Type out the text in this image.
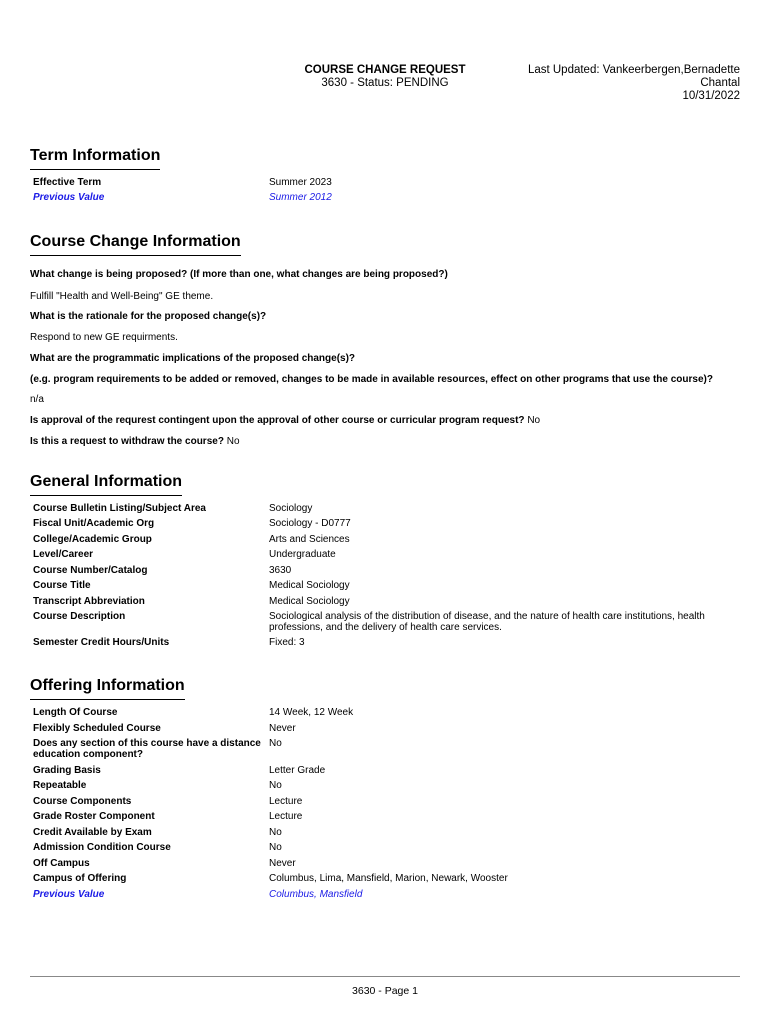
COURSE CHANGE REQUEST
3630 - Status: PENDING
Last Updated: Vankeerbergen,Bernadette
Chantal
10/31/2022
Term Information
Effective Term	Summer 2023
Previous Value	Summer 2012
Course Change Information
What change is being proposed? (If more than one, what changes are being proposed?)
Fulfill "Health and Well-Being" GE theme.
What is the rationale for the proposed change(s)?
Respond to new GE requirments.
What are the programmatic implications of the proposed change(s)?
(e.g. program requirements to be added or removed, changes to be made in available resources, effect on other programs that use the course)?
n/a
Is approval of the requrest contingent upon the approval of other course or curricular program request? No
Is this a request to withdraw the course? No
General Information
Course Bulletin Listing/Subject Area	Sociology
Fiscal Unit/Academic Org	Sociology - D0777
College/Academic Group	Arts and Sciences
Level/Career	Undergraduate
Course Number/Catalog	3630
Course Title	Medical Sociology
Transcript Abbreviation	Medical Sociology
Course Description	Sociological analysis of the distribution of disease, and the nature of health care institutions, health professions, and the delivery of health care services.
Semester Credit Hours/Units	Fixed: 3
Offering Information
Length Of Course	14 Week, 12 Week
Flexibly Scheduled Course	Never
Does any section of this course have a distance education component?
No
Grading Basis	Letter Grade
Repeatable	No
Course Components	Lecture
Grade Roster Component	Lecture
Credit Available by Exam	No
Admission Condition Course	No
Off Campus	Never
Campus of Offering	Columbus, Lima, Mansfield, Marion, Newark, Wooster
Previous Value	Columbus, Mansfield
3630 - Page 1
